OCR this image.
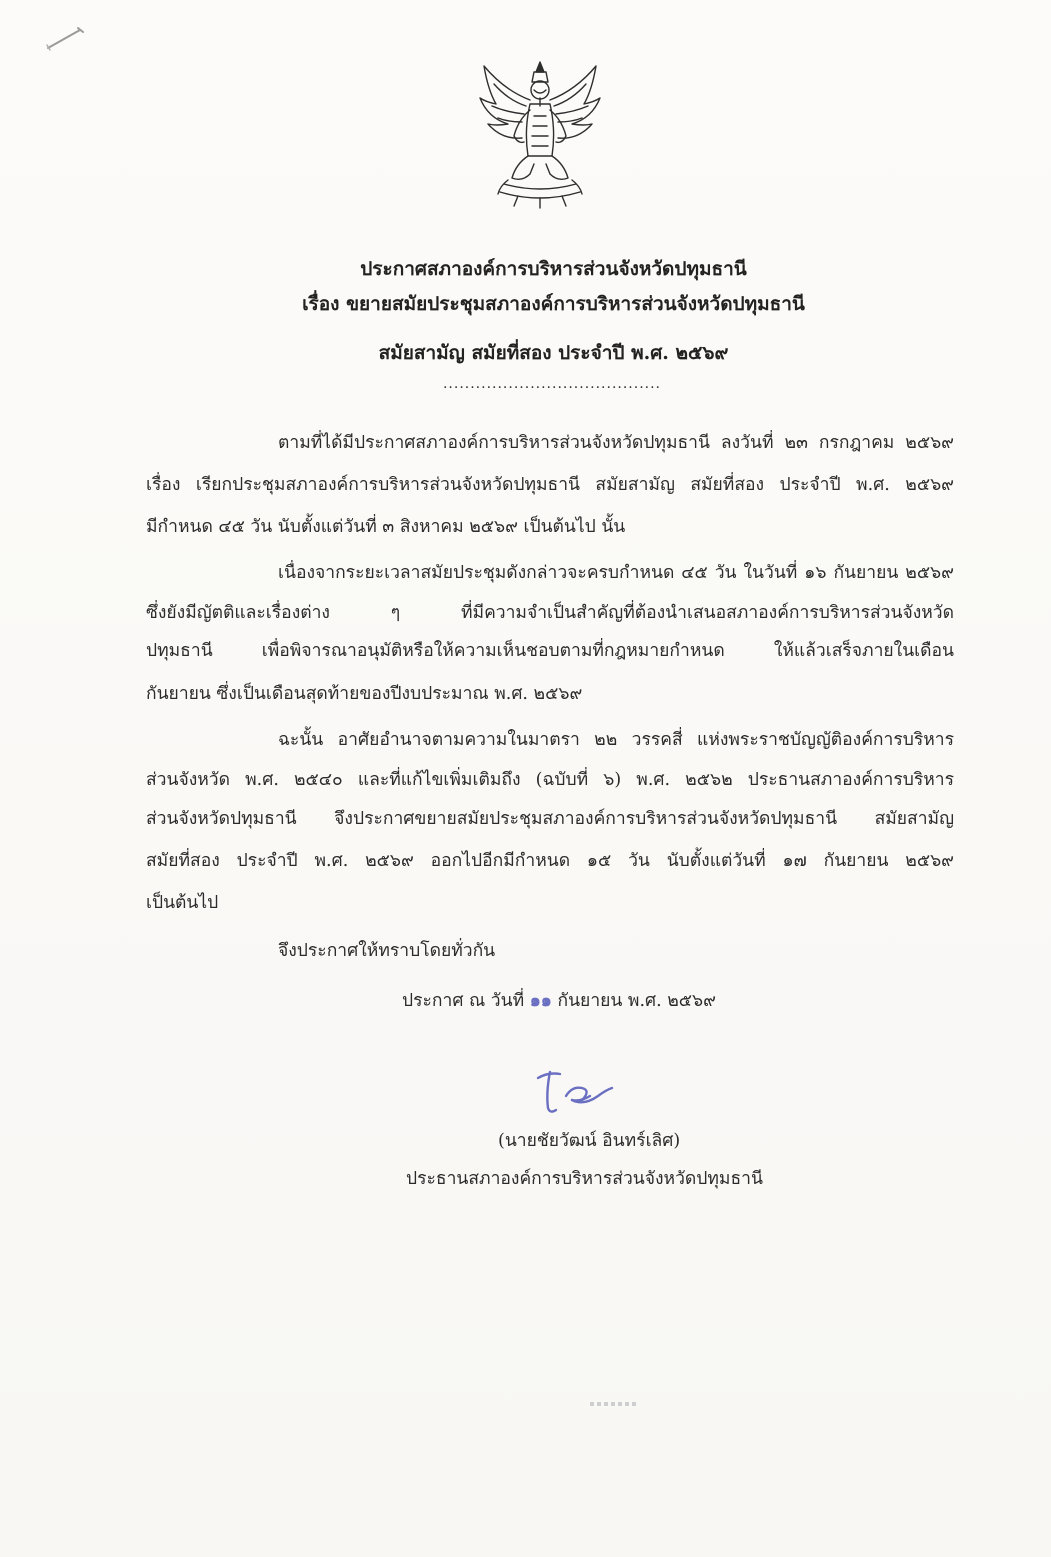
ประกาศสภาองค์การบริหารส่วนจังหวัดปทุมธานี
เรื่อง ขยายสมัยประชุมสภาองค์การบริหารส่วนจังหวัดปทุมธานี
สมัยสามัญ สมัยที่สอง ประจำปี พ.ศ. ๒๕๖๙
........................................
ตามที่ได้มีประกาศสภาองค์การบริหารส่วนจังหวัดปทุมธานี ลงวันที่ ๒๓ กรกฎาคม ๒๕๖๙
เรื่อง เรียกประชุมสภาองค์การบริหารส่วนจังหวัดปทุมธานี สมัยสามัญ สมัยที่สอง ประจำปี พ.ศ. ๒๕๖๙
มีกำหนด ๔๕ วัน นับตั้งแต่วันที่ ๓ สิงหาคม ๒๕๖๙ เป็นต้นไป นั้น
เนื่องจากระยะเวลาสมัยประชุมดังกล่าวจะครบกำหนด ๔๕ วัน ในวันที่ ๑๖ กันยายน ๒๕๖๙
ซึ่งยังมีญัตติและเรื่องต่าง ๆ ที่มีความจำเป็นสำคัญที่ต้องนำเสนอสภาองค์การบริหารส่วนจังหวัด
ปทุมธานี เพื่อพิจารณาอนุมัติหรือให้ความเห็นชอบตามที่กฎหมายกำหนด ให้แล้วเสร็จภายในเดือน
กันยายน ซึ่งเป็นเดือนสุดท้ายของปีงบประมาณ พ.ศ. ๒๕๖๙
ฉะนั้น อาศัยอำนาจตามความในมาตรา ๒๒ วรรคสี่ แห่งพระราชบัญญัติองค์การบริหาร
ส่วนจังหวัด พ.ศ. ๒๕๔๐ และที่แก้ไขเพิ่มเติมถึง (ฉบับที่ ๖) พ.ศ. ๒๕๖๒ ประธานสภาองค์การบริหาร
ส่วนจังหวัดปทุมธานี จึงประกาศขยายสมัยประชุมสภาองค์การบริหารส่วนจังหวัดปทุมธานี สมัยสามัญ
สมัยที่สอง ประจำปี พ.ศ. ๒๕๖๙ ออกไปอีกมีกำหนด ๑๕ วัน นับตั้งแต่วันที่ ๑๗ กันยายน ๒๕๖๙
เป็นต้นไป
จึงประกาศให้ทราบโดยทั่วกัน
ประกาศ ณ วันที่ ๑๑ กันยายน พ.ศ. ๒๕๖๙
(นายชัยวัฒน์ อินทร์เลิศ)
ประธานสภาองค์การบริหารส่วนจังหวัดปทุมธานี
